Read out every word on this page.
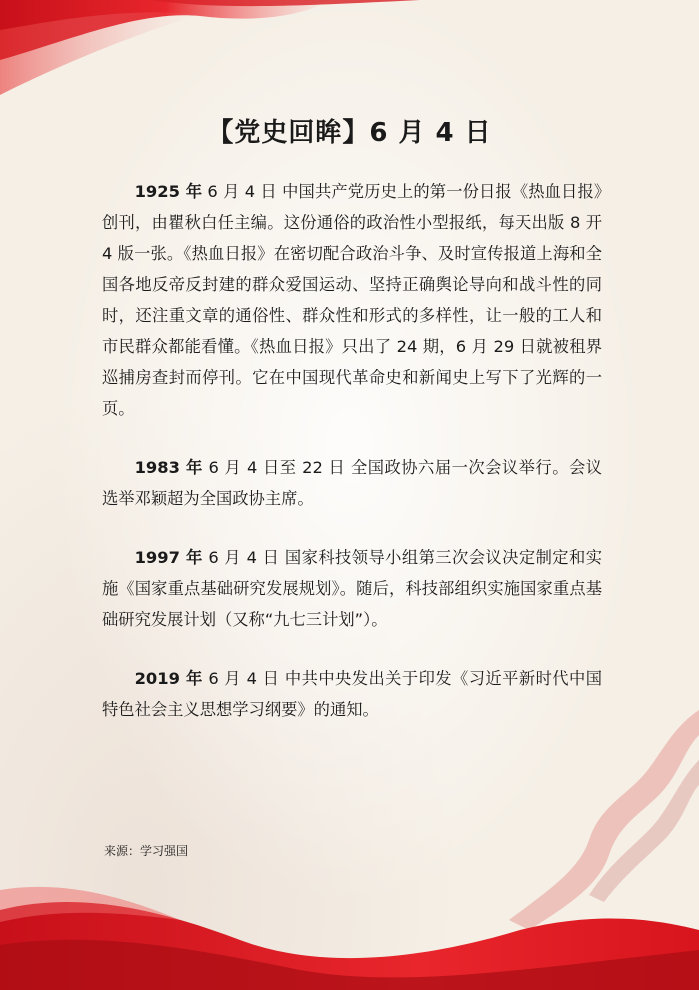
【党史回眸】6 月 4 日

1925 年 6 月 4 日 中国共产党历史上的第一份日报《热血日报》创刊，由瞿秋白任主编。这份通俗的政治性小型报纸，每天出版 8 开 4 版一张。《热血日报》在密切配合政治斗争、及时宣传报道上海和全国各地反帝反封建的群众爱国运动、坚持正确舆论导向和战斗性的同时，还注重文章的通俗性、群众性和形式的多样性，让一般的工人和市民群众都能看懂。《热血日报》只出了 24 期，6 月 29 日就被租界巡捕房查封而停刊。它在中国现代革命史和新闻史上写下了光辉的一页。

1983 年 6 月 4 日至 22 日 全国政协六届一次会议举行。会议选举邓颖超为全国政协主席。

1997 年 6 月 4 日 国家科技领导小组第三次会议决定制定和实施《国家重点基础研究发展规划》。随后，科技部组织实施国家重点基础研究发展计划（又称“九七三计划”）。

2019 年 6 月 4 日 中共中央发出关于印发《习近平新时代中国特色社会主义思想学习纲要》的通知。

来源：学习强国
